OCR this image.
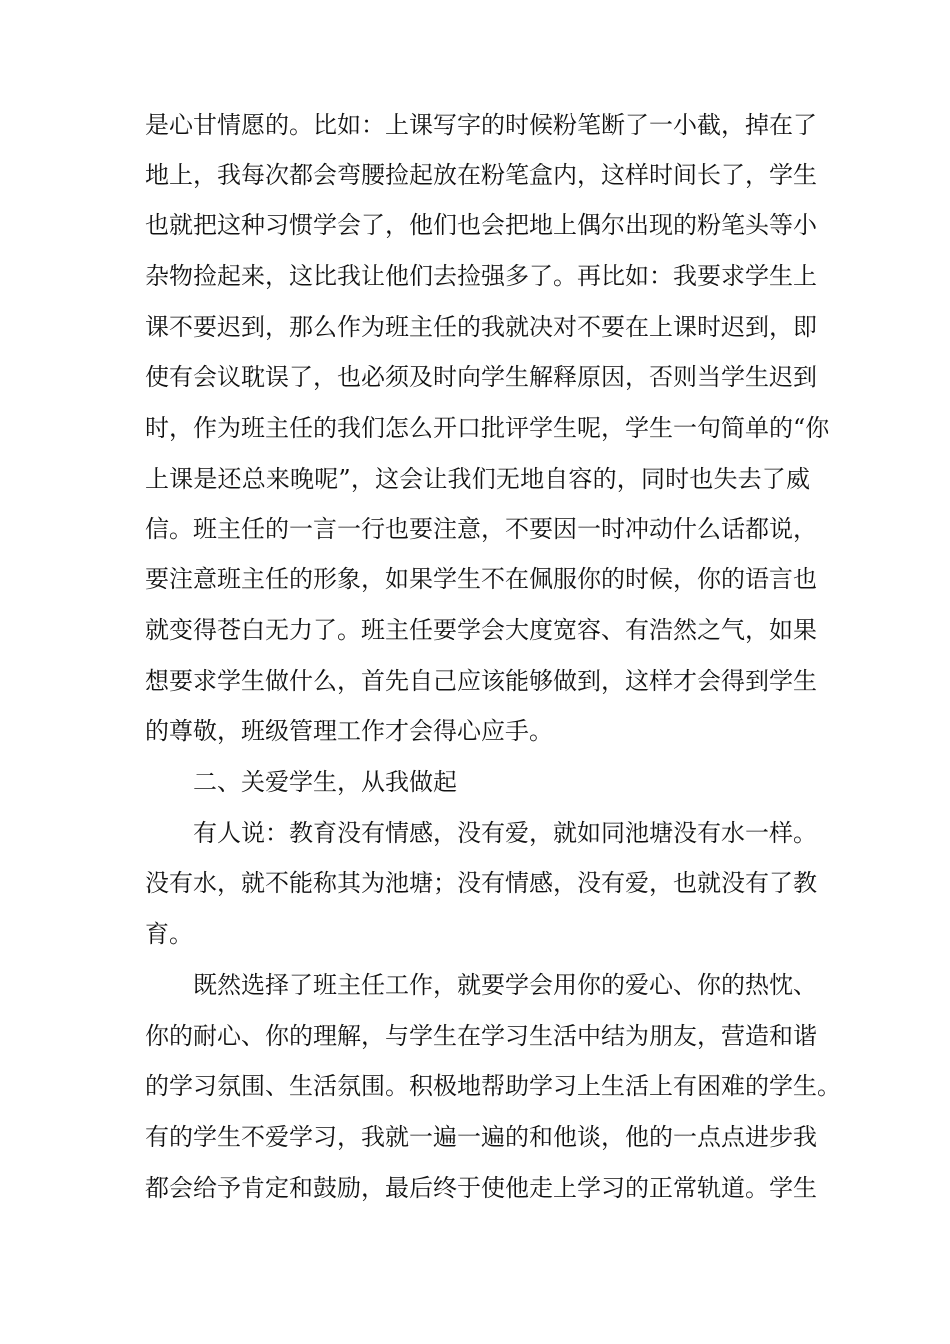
是心甘情愿的。比如：上课写字的时候粉笔断了一小截，掉在了
地上，我每次都会弯腰捡起放在粉笔盒内，这样时间长了，学生
也就把这种习惯学会了，他们也会把地上偶尔出现的粉笔头等小
杂物捡起来，这比我让他们去捡强多了。再比如：我要求学生上
课不要迟到，那么作为班主任的我就决对不要在上课时迟到，即
使有会议耽误了，也必须及时向学生解释原因，否则当学生迟到
时，作为班主任的我们怎么开口批评学生呢，学生一句简单的“你
上课是还总来晚呢”，这会让我们无地自容的，同时也失去了威
信。班主任的一言一行也要注意，不要因一时冲动什么话都说，
要注意班主任的形象，如果学生不在佩服你的时候，你的语言也
就变得苍白无力了。班主任要学会大度宽容、有浩然之气，如果
想要求学生做什么，首先自己应该能够做到，这样才会得到学生
的尊敬，班级管理工作才会得心应手。
二、关爱学生，从我做起
有人说：教育没有情感，没有爱，就如同池塘没有水一样。
没有水，就不能称其为池塘；没有情感，没有爱，也就没有了教
育。
既然选择了班主任工作，就要学会用你的爱心、你的热忱、
你的耐心、你的理解，与学生在学习生活中结为朋友，营造和谐
的学习氛围、生活氛围。积极地帮助学习上生活上有困难的学生。
有的学生不爱学习，我就一遍一遍的和他谈，他的一点点进步我
都会给予肯定和鼓励，最后终于使他走上学习的正常轨道。学生
